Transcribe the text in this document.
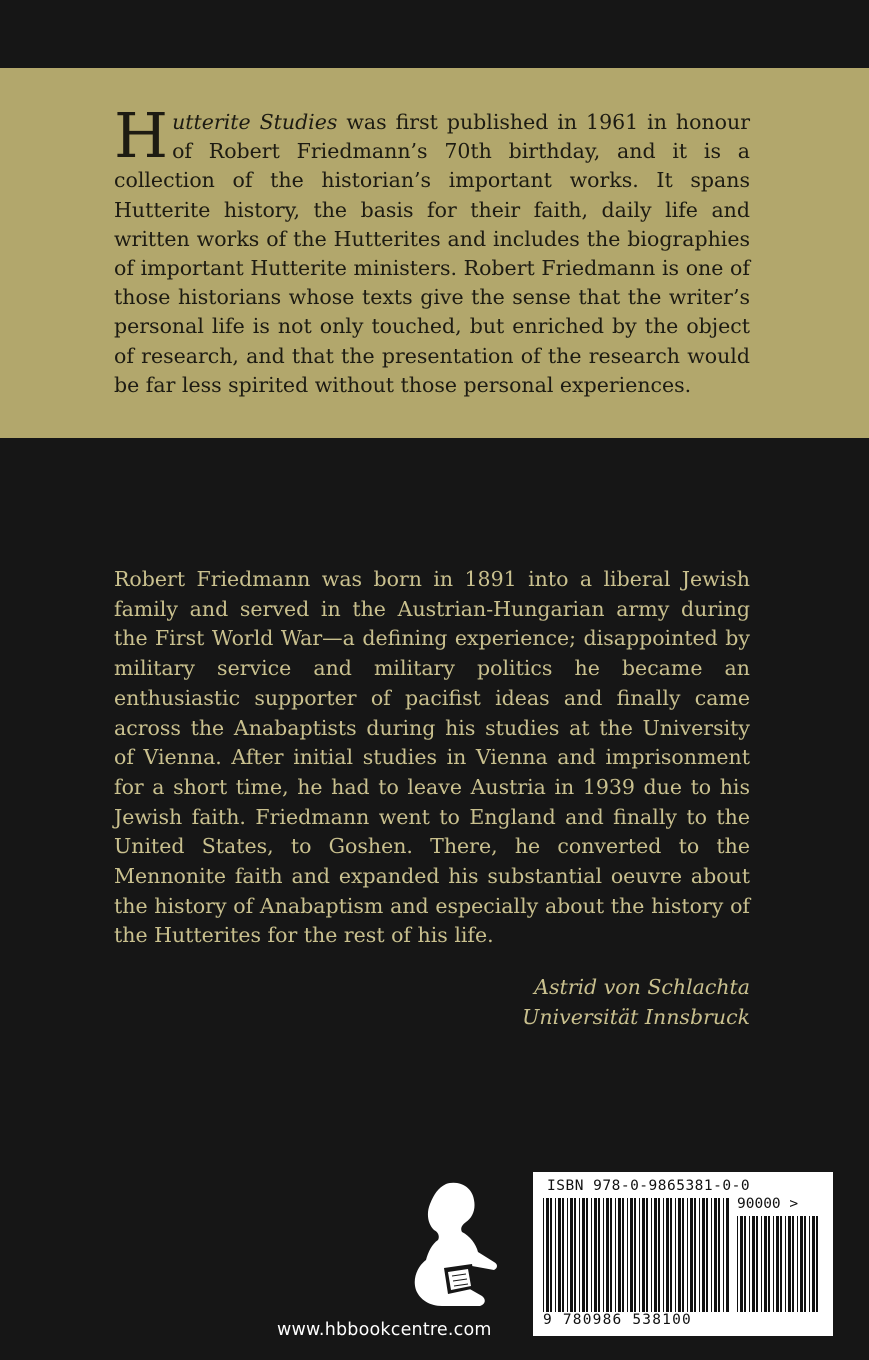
Hutterite Studies was first published in 1961 in honour of Robert Friedmann’s 70th birthday, and it is a collection of the historian’s important works. It spans Hutterite history, the basis for their faith, daily life and written works of the Hutterites and includes the biographies of important Hutterite ministers. Robert Friedmann is one of those historians whose texts give the sense that the writer’s personal life is not only touched, but enriched by the object of research, and that the presentation of the research would be far less spirited without those personal experiences.

Robert Friedmann was born in 1891 into a liberal Jewish family and served in the Austrian-Hungarian army during the First World War—a defining experience; disappointed by military service and military politics he became an enthusiastic supporter of pacifist ideas and finally came across the Anabaptists during his studies at the University of Vienna. After initial studies in Vienna and imprisonment for a short time, he had to leave Austria in 1939 due to his Jewish faith. Friedmann went to England and finally to the United States, to Goshen. There, he converted to the Mennonite faith and expanded his substantial oeuvre about the history of Anabaptism and especially about the history of the Hutterites for the rest of his life.

Astrid von Schlachta
Universität Innsbruck
www.hbbookcentre.com
ISBN 978-0-9865381-0-0
90000 >
9 780986 538100
